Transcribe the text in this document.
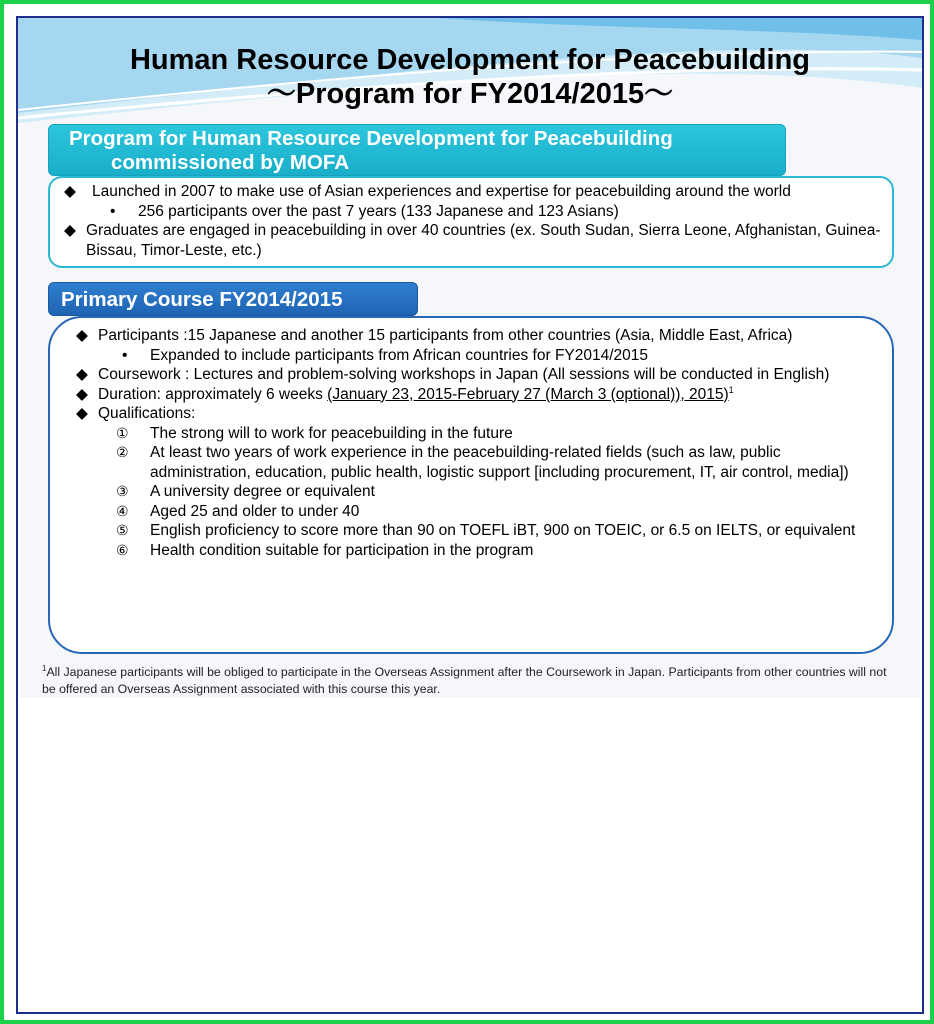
Human Resource Development for Peacebuilding
～Program for FY2014/2015～
Program for Human Resource Development for Peacebuilding
commissioned by MOFA
◆	Launched in 2007 to make use of Asian experiences and expertise for peacebuilding around the world
•	256 participants over the past 7 years (133 Japanese and 123 Asians)
◆ Graduates are engaged in peacebuilding in over 40 countries (ex. South Sudan, Sierra Leone, Afghanistan, Guinea-Bissau, Timor-Leste, etc.)
Primary Course FY2014/2015
◆ Participants :15 Japanese and another 15 participants from other countries (Asia, Middle East, Africa)
•	Expanded to include participants from African countries for FY2014/2015
◆ Coursework : Lectures and problem-solving workshops in Japan (All sessions will be conducted in English)
◆ Duration: approximately 6 weeks (January 23, 2015-February 27 (March 3 (optional)), 2015)$^1$
◆ Qualifications:
①	The strong will to work for peacebuilding in the future
②	At least two years of work experience in the peacebuilding-related fields (such as law, public administration, education, public health, logistic support [including procurement, IT, air control, media])
③	A university degree or equivalent
④	Aged 25 and older to under 40
⑤	English proficiency to score more than 90 on TOEFL iBT, 900 on TOEIC, or 6.5 on IELTS, or equivalent
⑥	Health condition suitable for participation in the program
$^1$All Japanese participants will be obliged to participate in the Overseas Assignment after the Coursework in Japan. Participants from other countries will not be offered an Overseas Assignment associated with this course this year.
